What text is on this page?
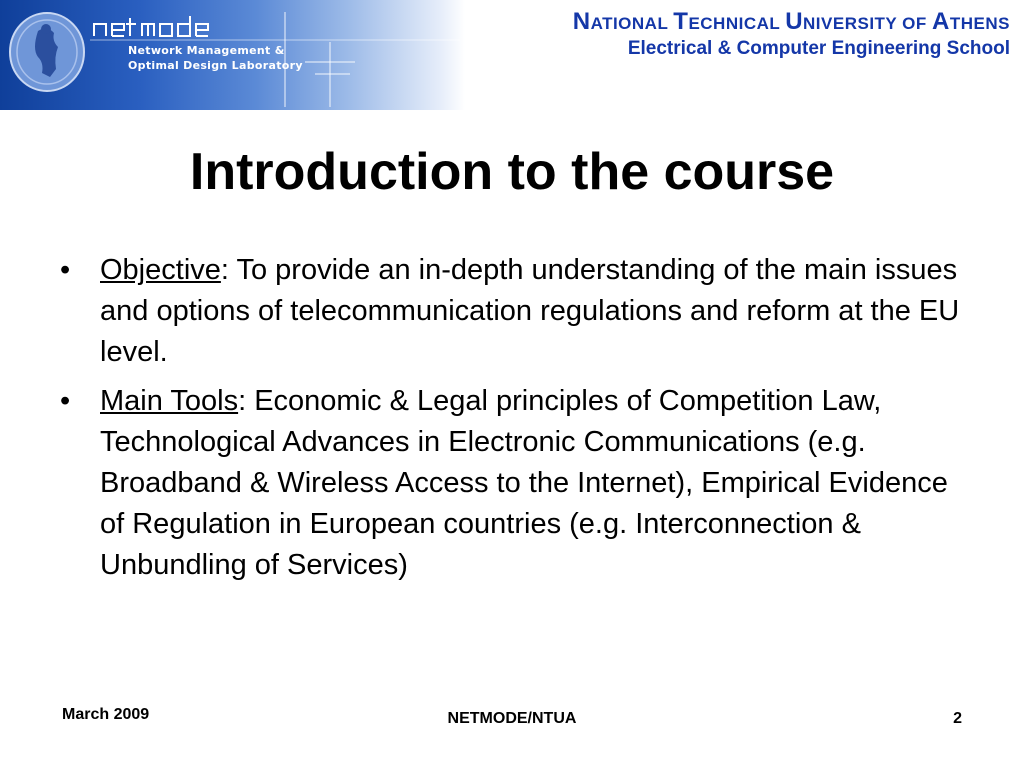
Network Management &
Optimal Design Laboratory
NATIONAL TECHNICAL UNIVERSITY OF ATHENS
Electrical & Computer Engineering School
Introduction to the course
• Objective: To provide an in-depth understanding of the main issues and options of telecommunication regulations and reform at the EU level.
• Main Tools: Economic & Legal principles of Competition Law, Technological Advances in Electronic Communications (e.g. Broadband & Wireless Access to the Internet), Empirical Evidence of Regulation in European countries (e.g. Interconnection & Unbundling of Services)
March 2009	NETMODE/NTUA	2
